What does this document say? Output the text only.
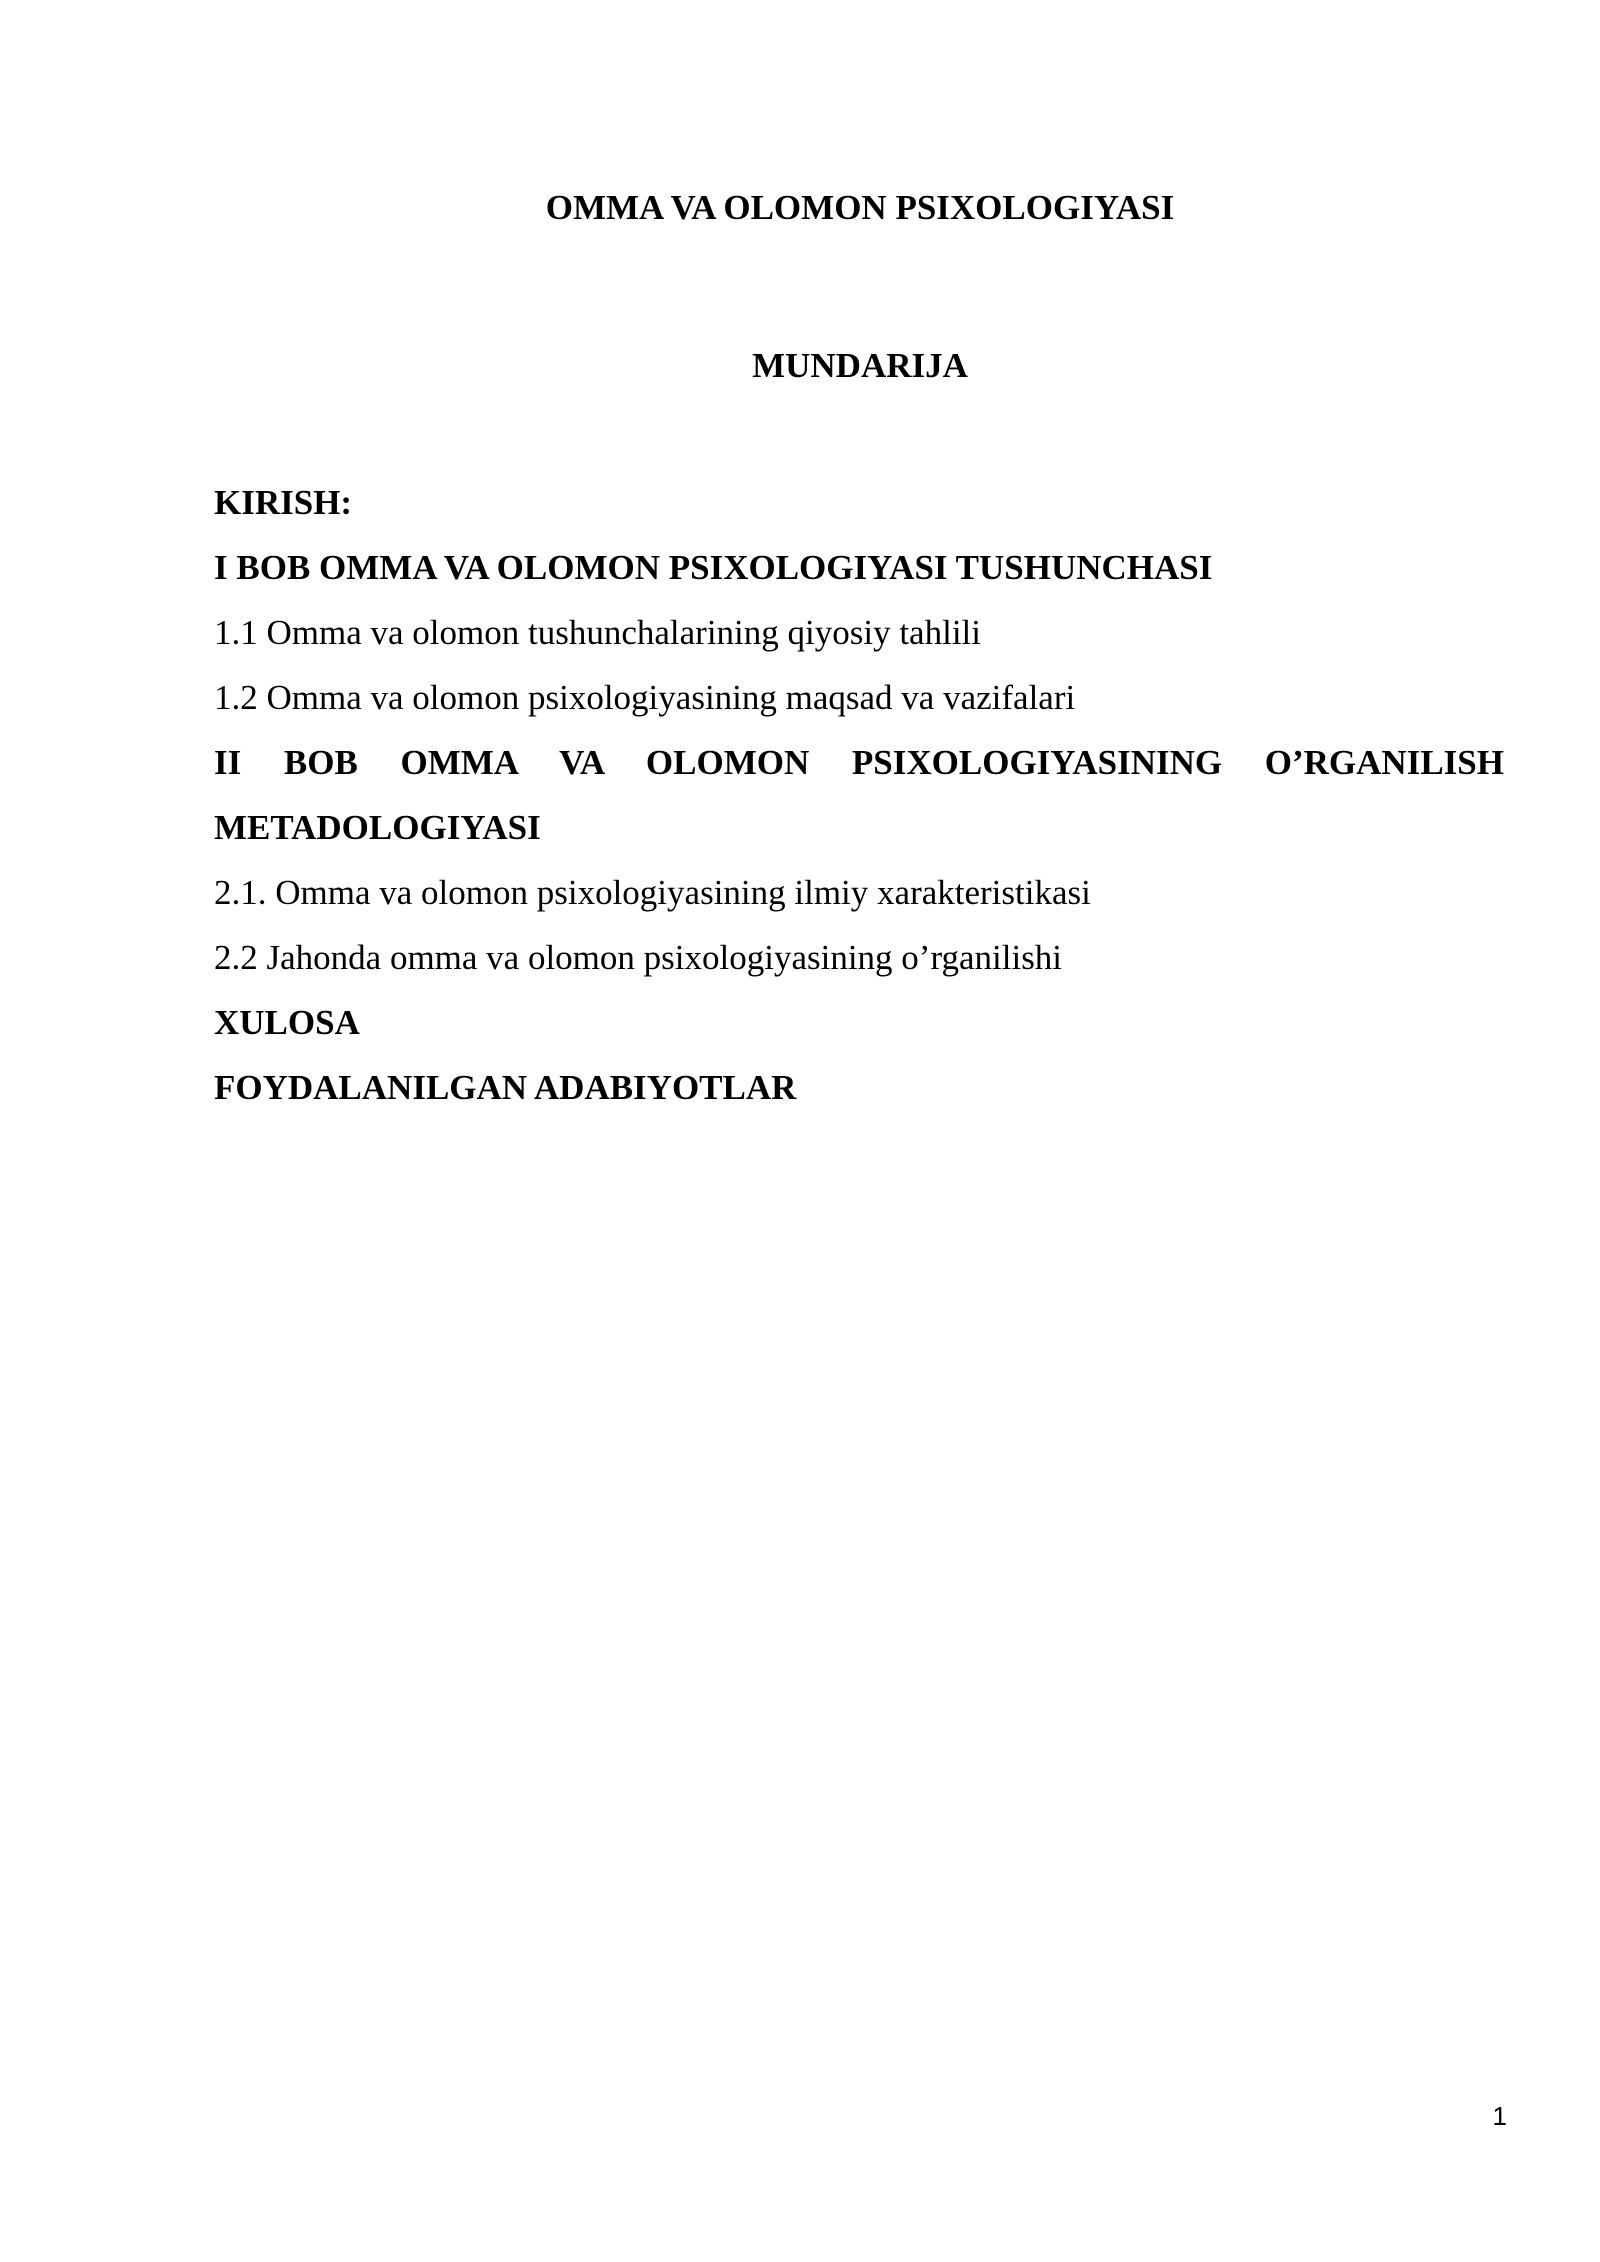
OMMA VA OLOMON PSIXOLOGIYASI
MUNDARIJA
KIRISH:
I BOB OMMA VA OLOMON PSIXOLOGIYASI TUSHUNCHASI
1.1 Omma va olomon tushunchalarining qiyosiy tahlili
1.2 Omma va olomon psixologiyasining maqsad va vazifalari
II BOB OMMA VA OLOMON PSIXOLOGIYASINING O’RGANILISH
METADOLOGIYASI
2.1. Omma va olomon psixologiyasining ilmiy xarakteristikasi
2.2 Jahonda omma va olomon psixologiyasining o’rganilishi
XULOSA
FOYDALANILGAN ADABIYOTLAR
1
